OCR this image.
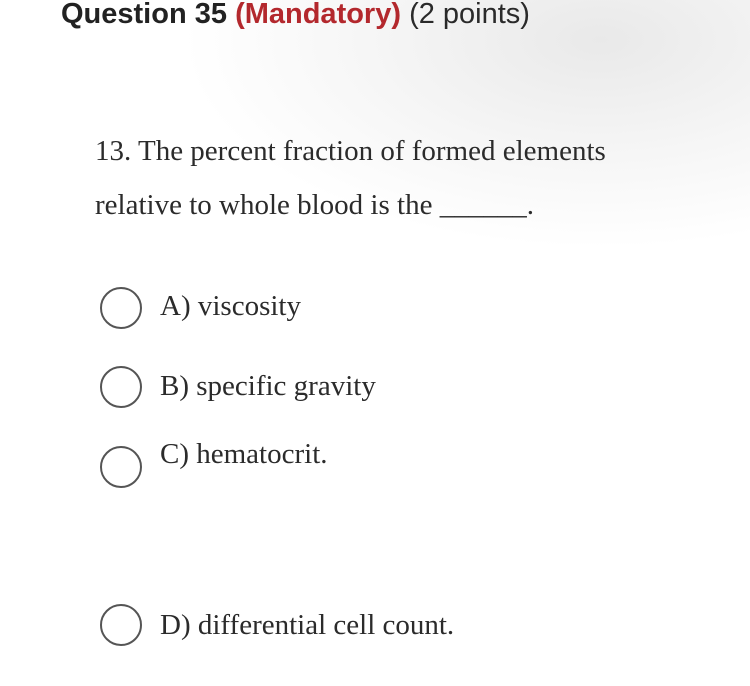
Question 35 (Mandatory) (2 points)
13. The percent fraction of formed elements
relative to whole blood is the ______.
A) viscosity
B) specific gravity
C) hematocrit.
D) differential cell count.
